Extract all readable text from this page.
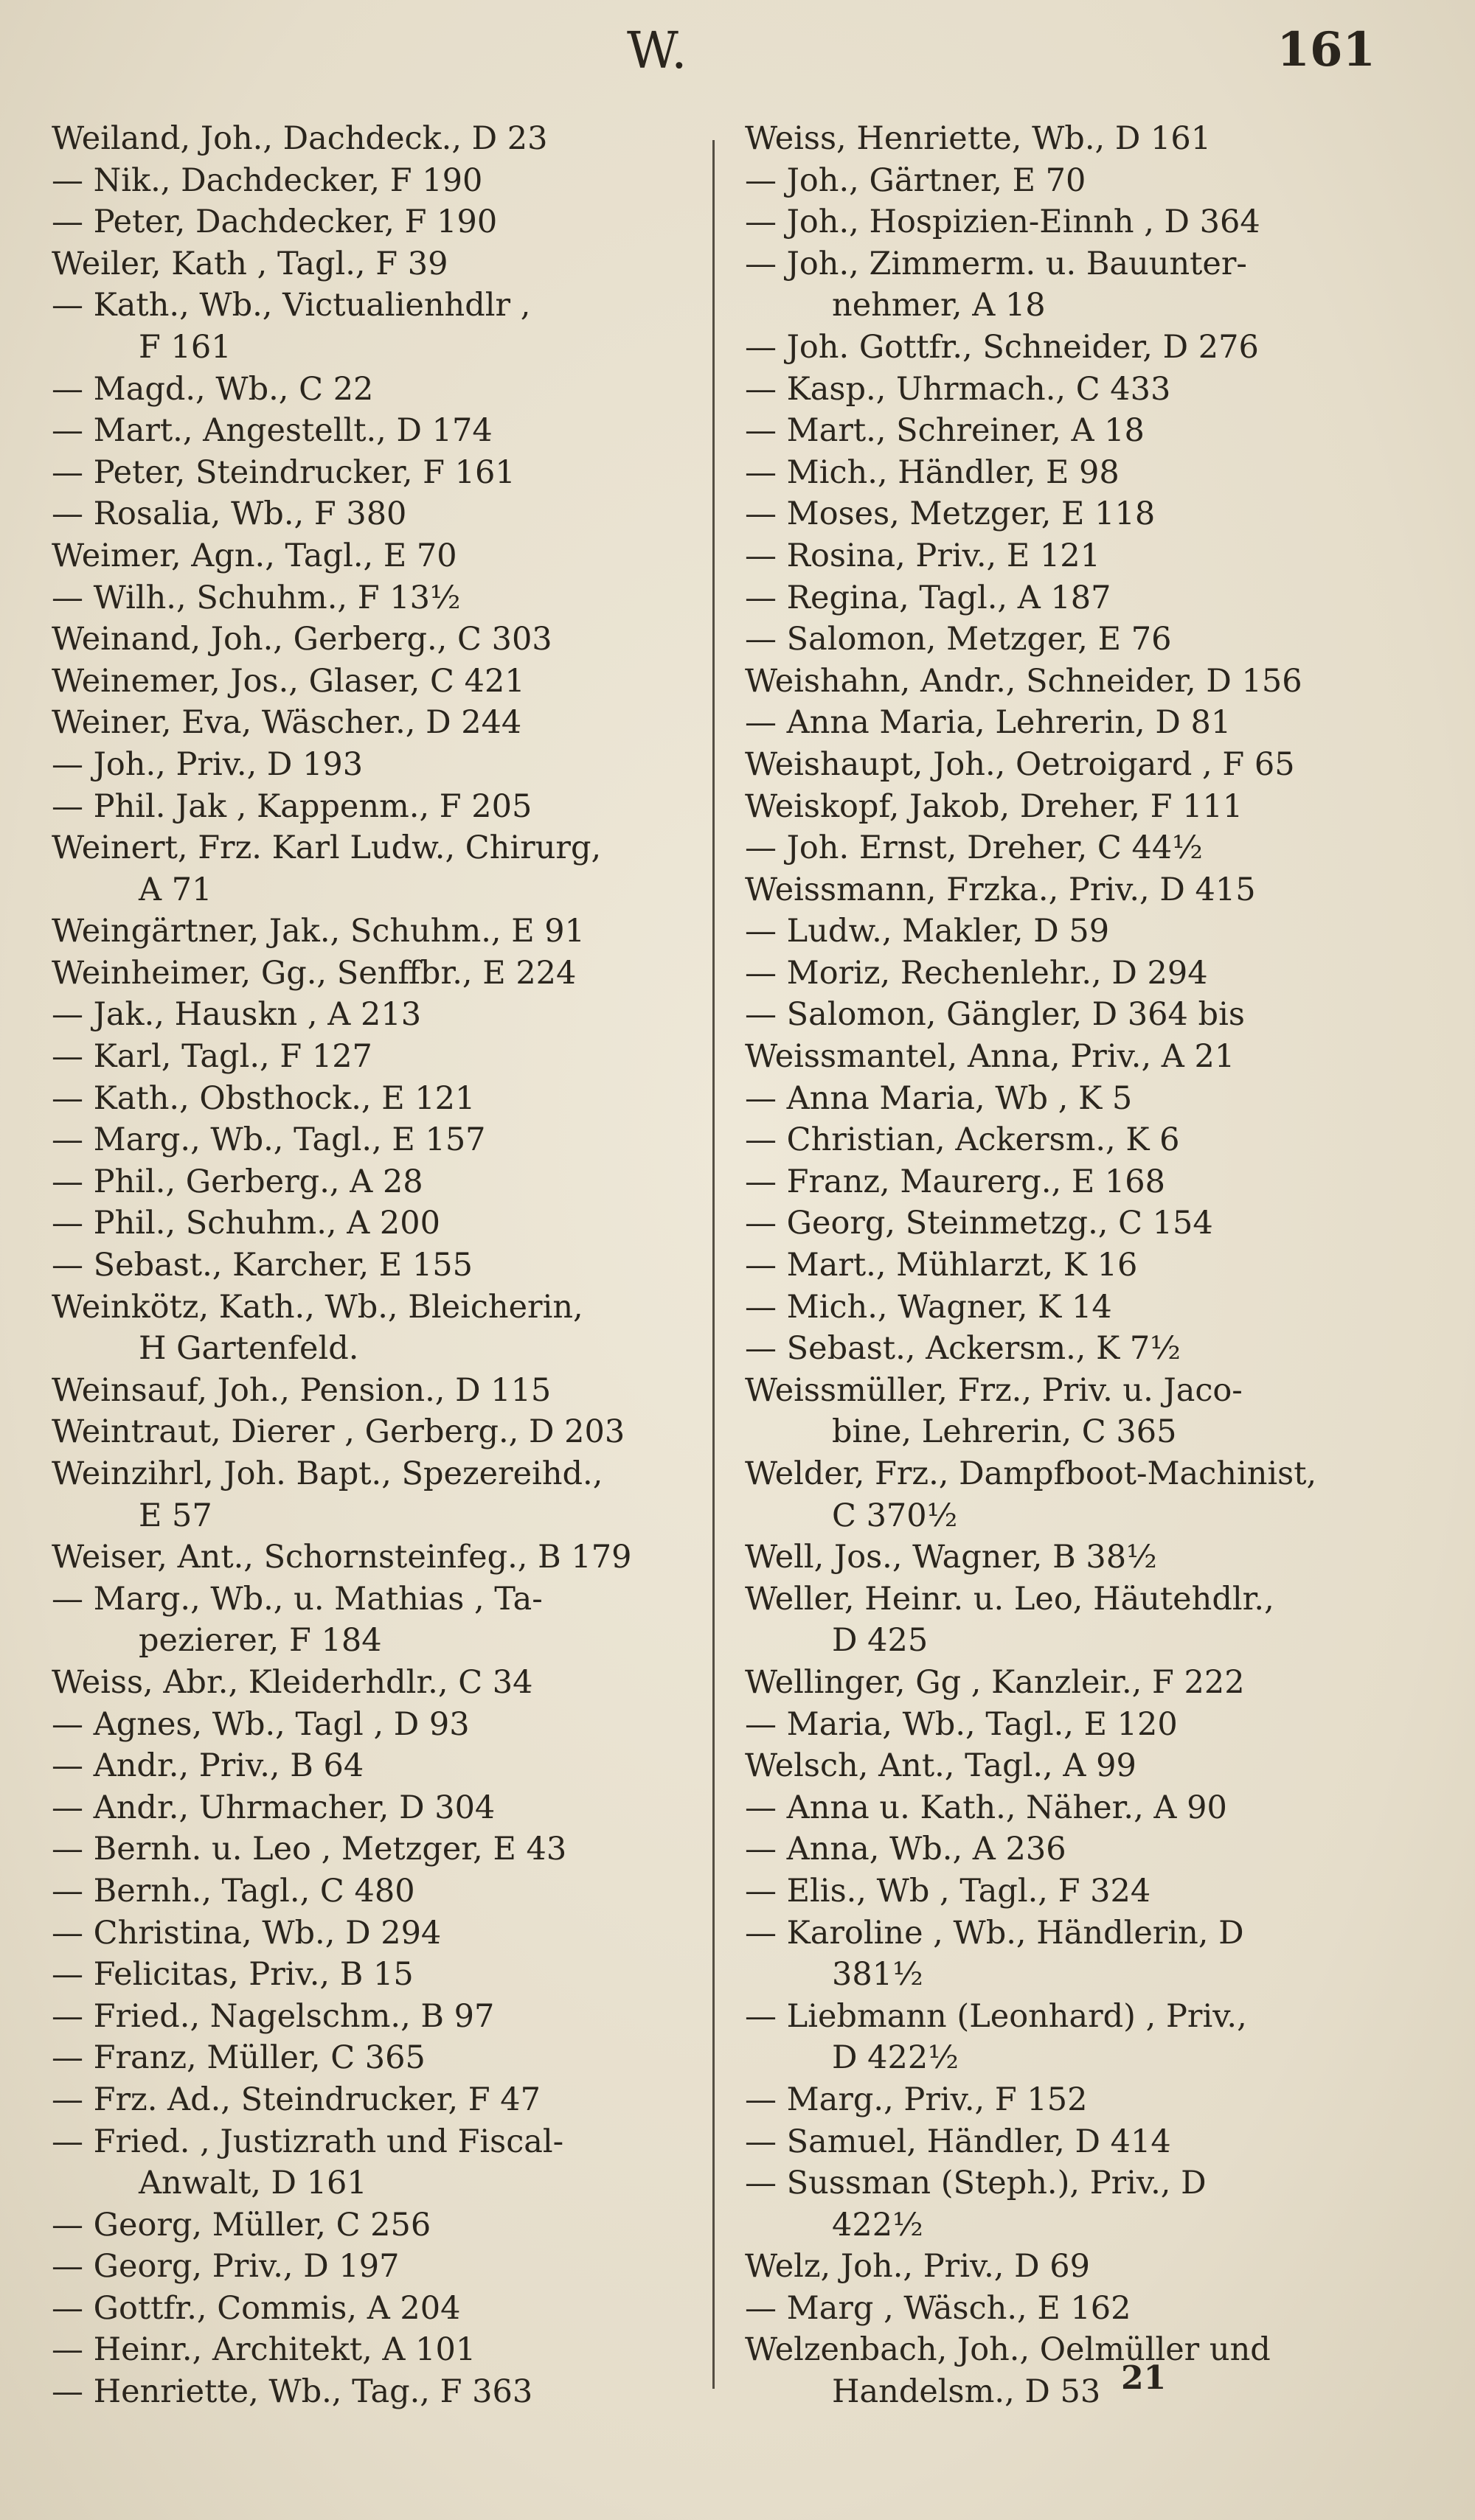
W.	161
Weiland, Joh., Dachdeck., D 23
— Nik., Dachdecker, F 190
— Peter, Dachdecker, F 190
Weiler, Kath , Tagl., F 39
— Kath., Wb., Victualienhdlr ,
F 161
— Magd., Wb., C 22
— Mart., Angestellt., D 174
— Peter, Steindrucker, F 161
— Rosalia, Wb., F 380
Weimer, Agn., Tagl., E 70
— Wilh., Schuhm., F 13½
Weinand, Joh., Gerberg., C 303
Weinemer, Jos., Glaser, C 421
Weiner, Eva, Wäscher., D 244
— Joh., Priv., D 193
— Phil. Jak , Kappenm., F 205
Weinert, Frz. Karl Ludw., Chirurg,
A 71
Weingärtner, Jak., Schuhm., E 91
Weinheimer, Gg., Senffbr., E 224
— Jak., Hauskn , A 213
— Karl, Tagl., F 127
— Kath., Obsthock., E 121
— Marg., Wb., Tagl., E 157
— Phil., Gerberg., A 28
— Phil., Schuhm., A 200
— Sebast., Karcher, E 155
Weinkötz, Kath., Wb., Bleicherin,
H Gartenfeld.
Weinsauf, Joh., Pension., D 115
Weintraut, Dierer , Gerberg., D 203
Weinzihrl, Joh. Bapt., Spezereihd.,
E 57
Weiser, Ant., Schornsteinfeg., B 179
— Marg., Wb., u. Mathias , Ta-
pezierer, F 184
Weiss, Abr., Kleiderhdlr., C 34
— Agnes, Wb., Tagl , D 93
— Andr., Priv., B 64
— Andr., Uhrmacher, D 304
— Bernh. u. Leo , Metzger, E 43
— Bernh., Tagl., C 480
— Christina, Wb., D 294
— Felicitas, Priv., B 15
— Fried., Nagelschm., B 97
— Franz, Müller, C 365
— Frz. Ad., Steindrucker, F 47
— Fried. , Justizrath und Fiscal-
Anwalt, D 161
— Georg, Müller, C 256
— Georg, Priv., D 197
— Gottfr., Commis, A 204
— Heinr., Architekt, A 101
— Henriette, Wb., Tag., F 363
Weiss, Henriette, Wb., D 161
— Joh., Gärtner, E 70
— Joh., Hospizien-Einnh , D 364
— Joh., Zimmerm. u. Bauunter-
nehmer, A 18
— Joh. Gottfr., Schneider, D 276
— Kasp., Uhrmach., C 433
— Mart., Schreiner, A 18
— Mich., Händler, E 98
— Moses, Metzger, E 118
— Rosina, Priv., E 121
— Regina, Tagl., A 187
— Salomon, Metzger, E 76
Weishahn, Andr., Schneider, D 156
— Anna Maria, Lehrerin, D 81
Weishaupt, Joh., Oetroigard , F 65
Weiskopf, Jakob, Dreher, F 111
— Joh. Ernst, Dreher, C 44½
Weissmann, Frzka., Priv., D 415
— Ludw., Makler, D 59
— Moriz, Rechenlehr., D 294
— Salomon, Gängler, D 364 bis
Weissmantel, Anna, Priv., A 21
— Anna Maria, Wb , K 5
— Christian, Ackersm., K 6
— Franz, Maurerg., E 168
— Georg, Steinmetzg., C 154
— Mart., Mühlarzt, K 16
— Mich., Wagner, K 14
— Sebast., Ackersm., K 7½
Weissmüller, Frz., Priv. u. Jaco-
bine, Lehrerin, C 365
Welder, Frz., Dampfboot-Machinist,
C 370½
Well, Jos., Wagner, B 38½
Weller, Heinr. u. Leo, Häutehdlr.,
D 425
Wellinger, Gg , Kanzleir., F 222
— Maria, Wb., Tagl., E 120
Welsch, Ant., Tagl., A 99
— Anna u. Kath., Näher., A 90
— Anna, Wb., A 236
— Elis., Wb , Tagl., F 324
— Karoline , Wb., Händlerin, D
381½
— Liebmann (Leonhard) , Priv.,
D 422½
— Marg., Priv., F 152
— Samuel, Händler, D 414
— Sussman (Steph.), Priv., D
422½
Welz, Joh., Priv., D 69
— Marg , Wäsch., E 162
Welzenbach, Joh., Oelmüller und
Handelsm., D 53 21
